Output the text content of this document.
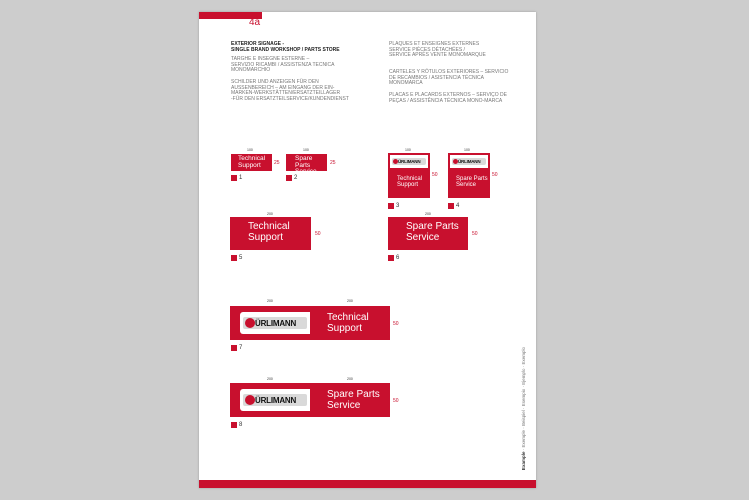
4a
EXTERIOR SIGNAGE -
SINGLE BRAND WORKSHOP / PARTS STORE
TARGHE E INSEGNE ESTERNE –
SERVIZIO RICAMBI / ASSISTENZA TECNICA
MONOMARCHIO
SCHILDER UND ANZEIGEN FÜR DEN
AUSSENBEREICH – AM EINGANG DER EIN-
MARKEN-WERKSTÄTTEN/ERSATZTEILLAGER
-FÜR DEN ERSATZTEILSERVICE/KUNDENDIENST
PLAQUES ET ENSEIGNES EXTERNES
SERVICE PIÈCES DÉTACHÉES /
SERVICE APRÈS VENTE MONOMARQUE
CARTELES Y RÓTULOS EXTERIORES – SERVICIO
DE RECAMBIOS / ASISTENCIA TÉCNICA
MONOMARCA
PLACAS E PLACARDS EXTERNOS – SERVIÇO DE
PEÇAS / ASSISTÊNCIA TÉCNICA MONO-MARCA
100
Technical
Support	25
1
100
Spare Parts
Service
25
2
100
ÜRLIMANN
Technical
Support
50
3
100
ÜRLIMANN
Spare Parts
Service
50
4
200
Technical
Support	50
5
200
Spare Parts
Service	50
6
200	200
ÜRLIMANN
Technical
Support	50
7
200	200
ÜRLIMANN
Spare Parts
Service	50
8
Example · Exemple · Beispiel · Esempio · Ejemplo · Exemplo
